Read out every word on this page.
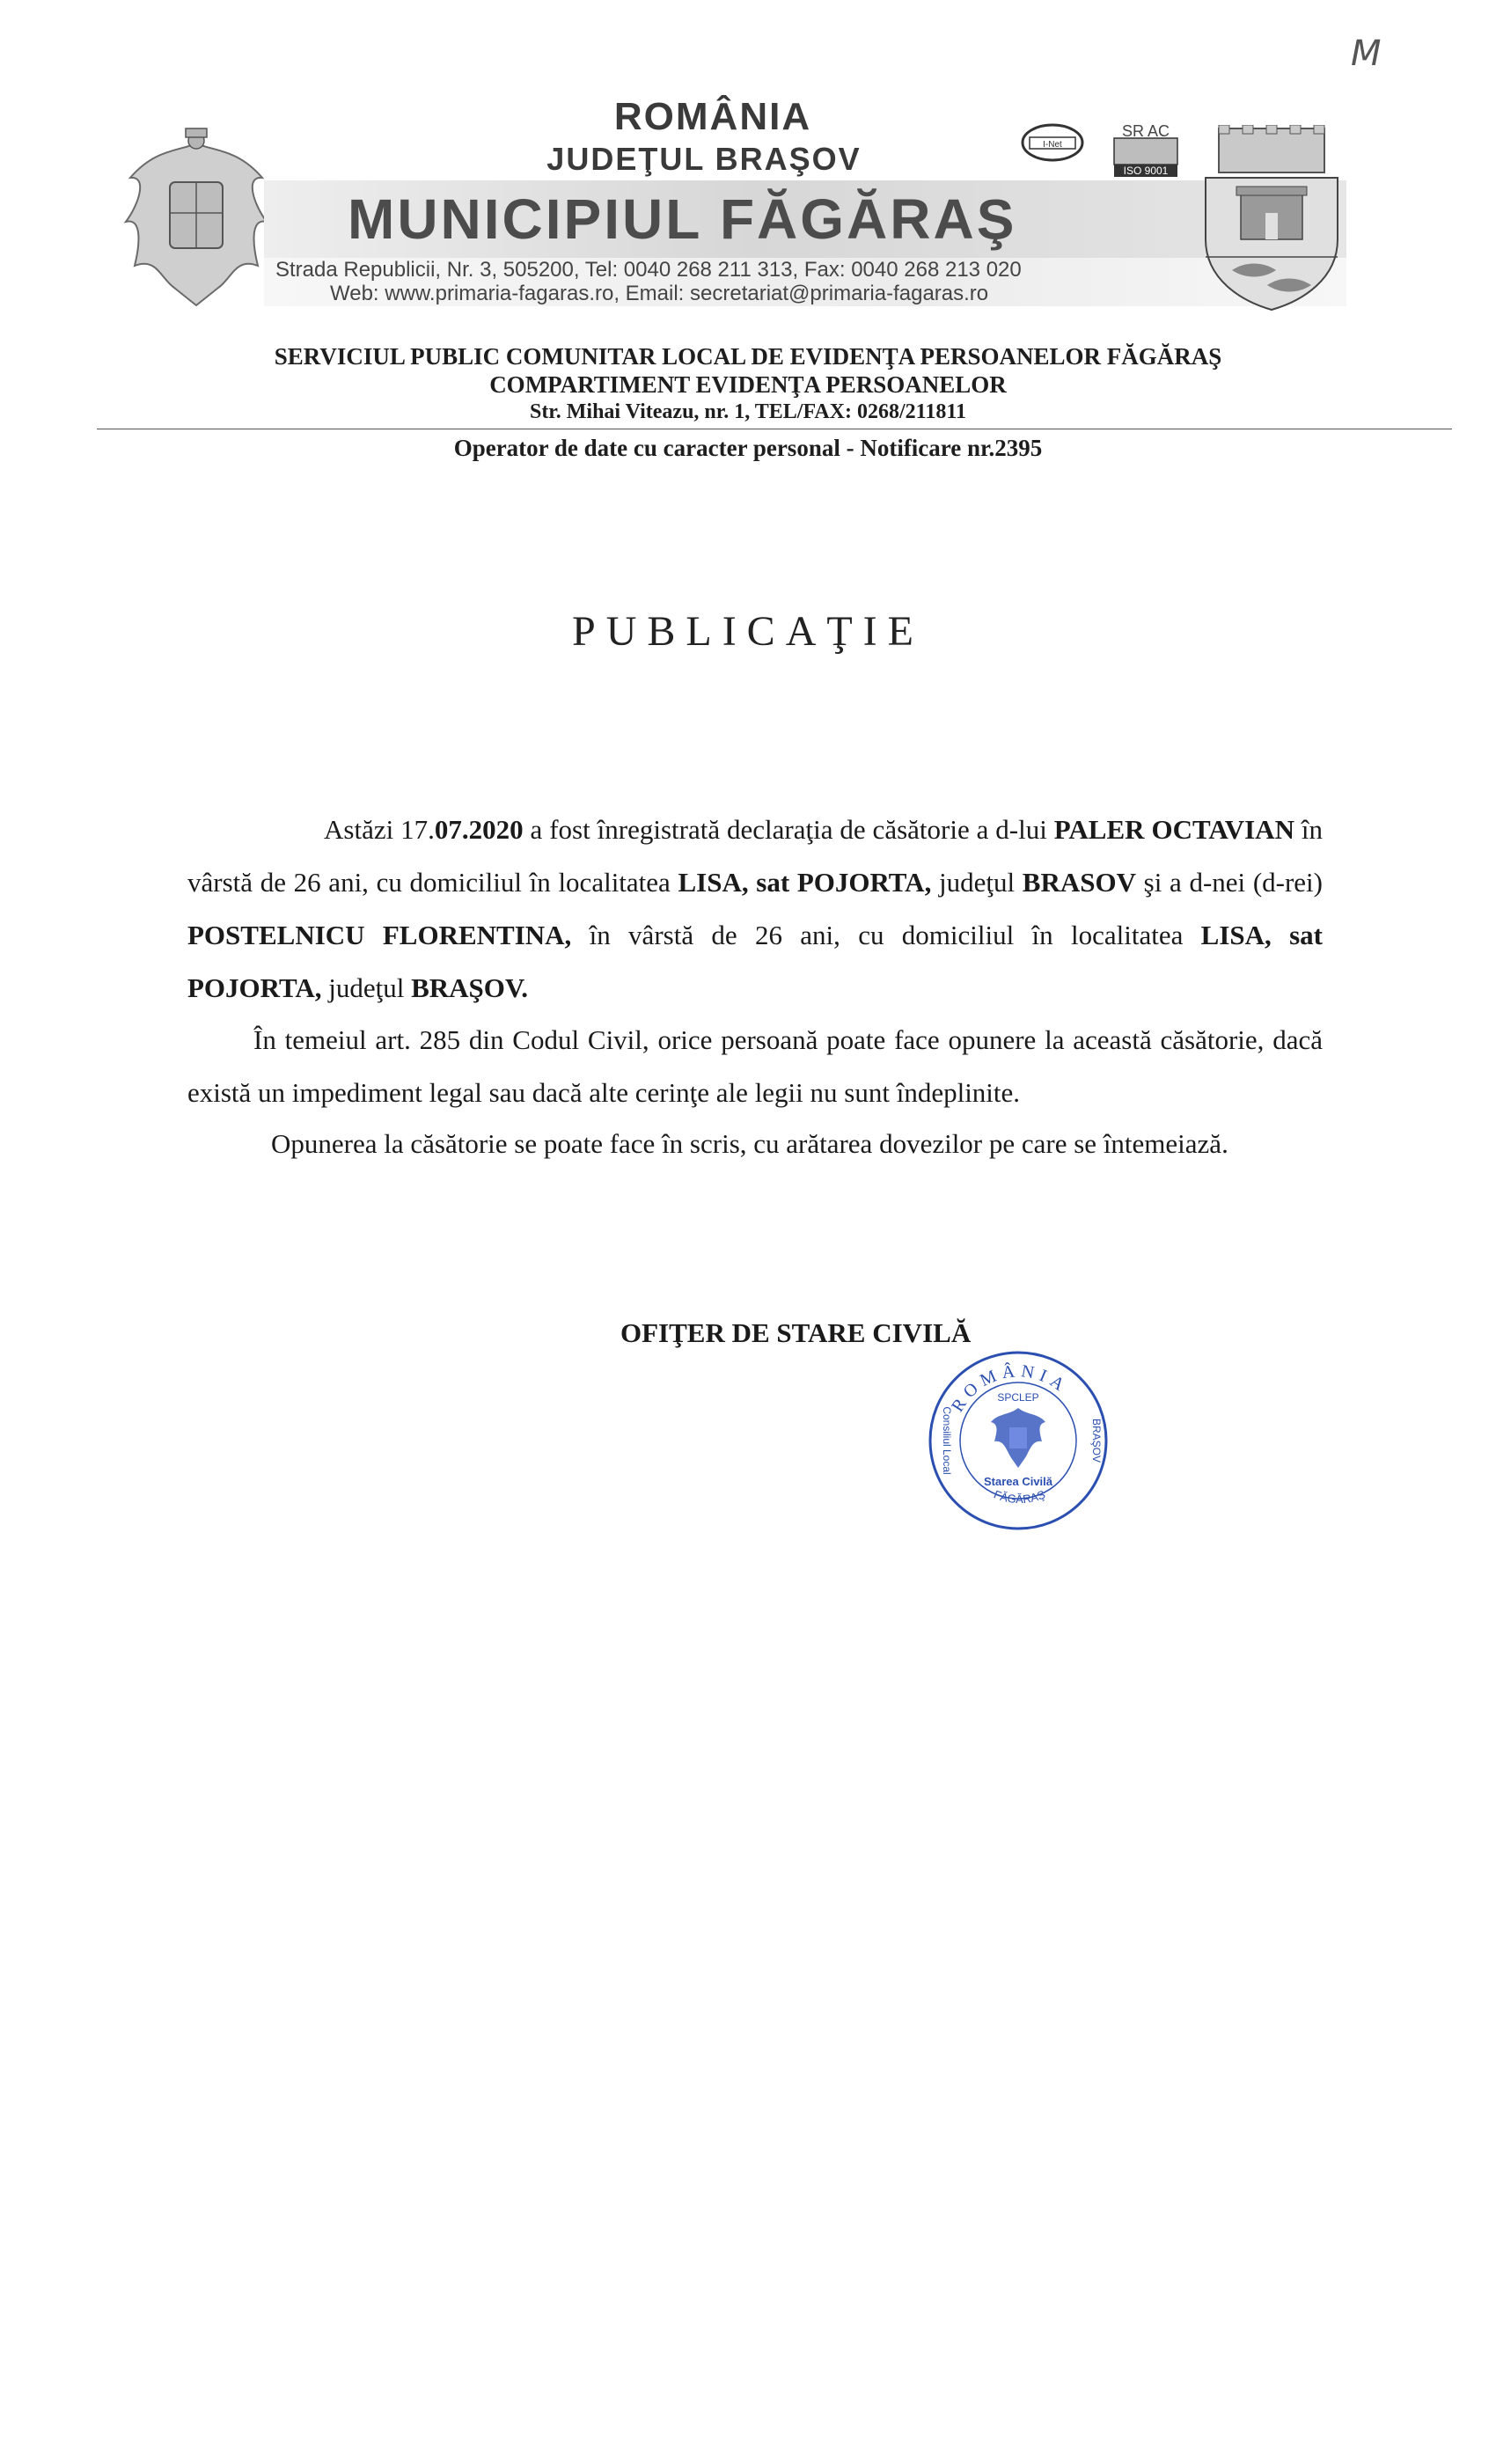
M
ROMÂNIA
JUDEŢUL BRAŞOV
MUNICIPIUL FĂGĂRAŞ
Strada Republicii, Nr. 3, 505200, Tel: 0040 268 211 313, Fax: 0040 268 213 020
Web: www.primaria-fagaras.ro, Email: secretariat@primaria-fagaras.ro
I-Net
SR AC
ISO 9001
SERVICIUL PUBLIC COMUNITAR LOCAL DE EVIDENŢA PERSOANELOR FĂGĂRAŞ
COMPARTIMENT EVIDENŢA PERSOANELOR
Str. Mihai Viteazu, nr. 1, TEL/FAX: 0268/211811
Operator de date cu caracter personal - Notificare nr.2395
PUBLICAŢIE
Astăzi 17.07.2020 a fost înregistrată declaraţia de căsătorie a d-lui PALER OCTAVIAN în vârstă de 26 ani, cu domiciliul în localitatea LISA, sat POJORTA, judeţul BRASOV şi a d-nei (d-rei) POSTELNICU FLORENTINA, în vârstă de 26 ani, cu domiciliul în localitatea LISA, sat POJORTA, judeţul BRAŞOV.
În temeiul art. 285 din Codul Civil, orice persoană poate face opunere la această căsătorie, dacă există un impediment legal sau dacă alte cerinţe ale legii nu sunt îndeplinite.
Opunerea la căsătorie se poate face în scris, cu arătarea dovezilor pe care se întemeiază.
OFIŢER DE STARE CIVILĂ
ROMÂNIA
SPCLEP
Consiliul Local	BRAŞOV
Starea Civilă
FĂGĂRAŞ
